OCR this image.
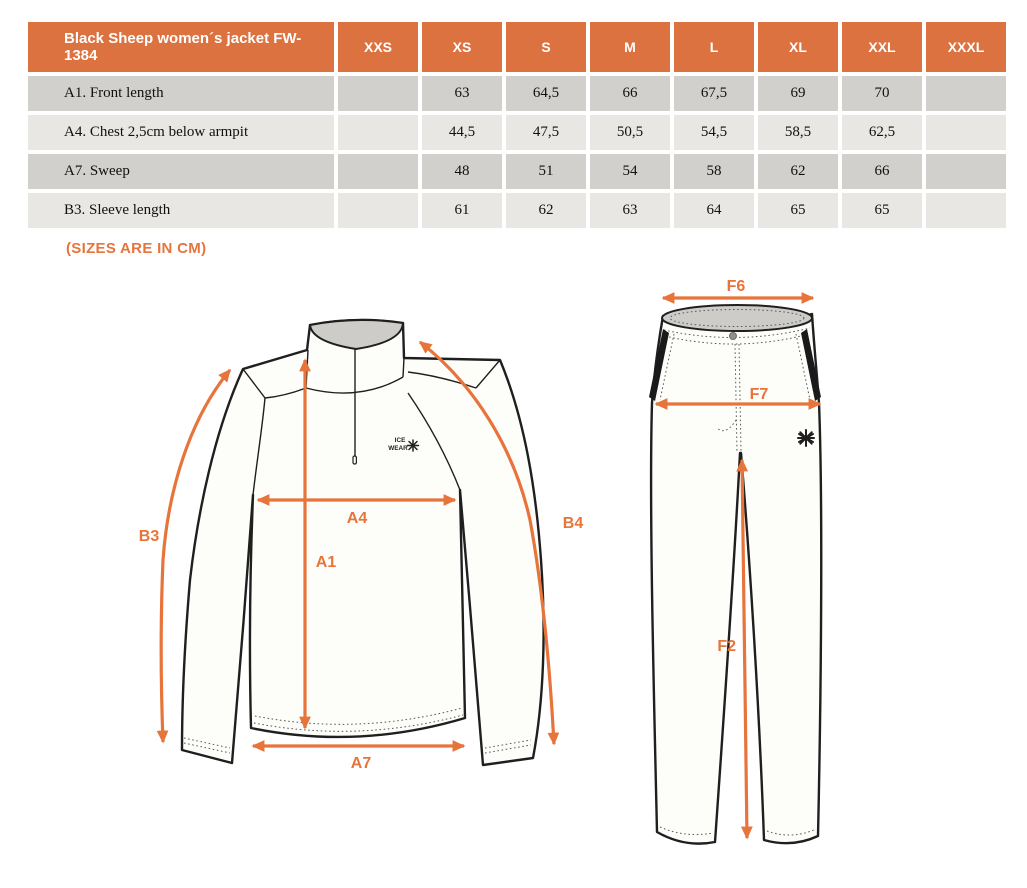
Black Sheep women´s jacket FW-1384	XXS	XS	S	M	L	XL	XXL	XXXL
A1. Front length		63	64,5	66	67,5	69	70	
A4. Chest 2,5cm below armpit		44,5	47,5	50,5	54,5	58,5	62,5	
A7. Sweep		48	51	54	58	62	66	
B3. Sleeve length		61	62	63	64	65	65	
(SIZES ARE IN CM)
ICE
WEAR
A4
A1
A7
B3
B4
F6
F7
F2
